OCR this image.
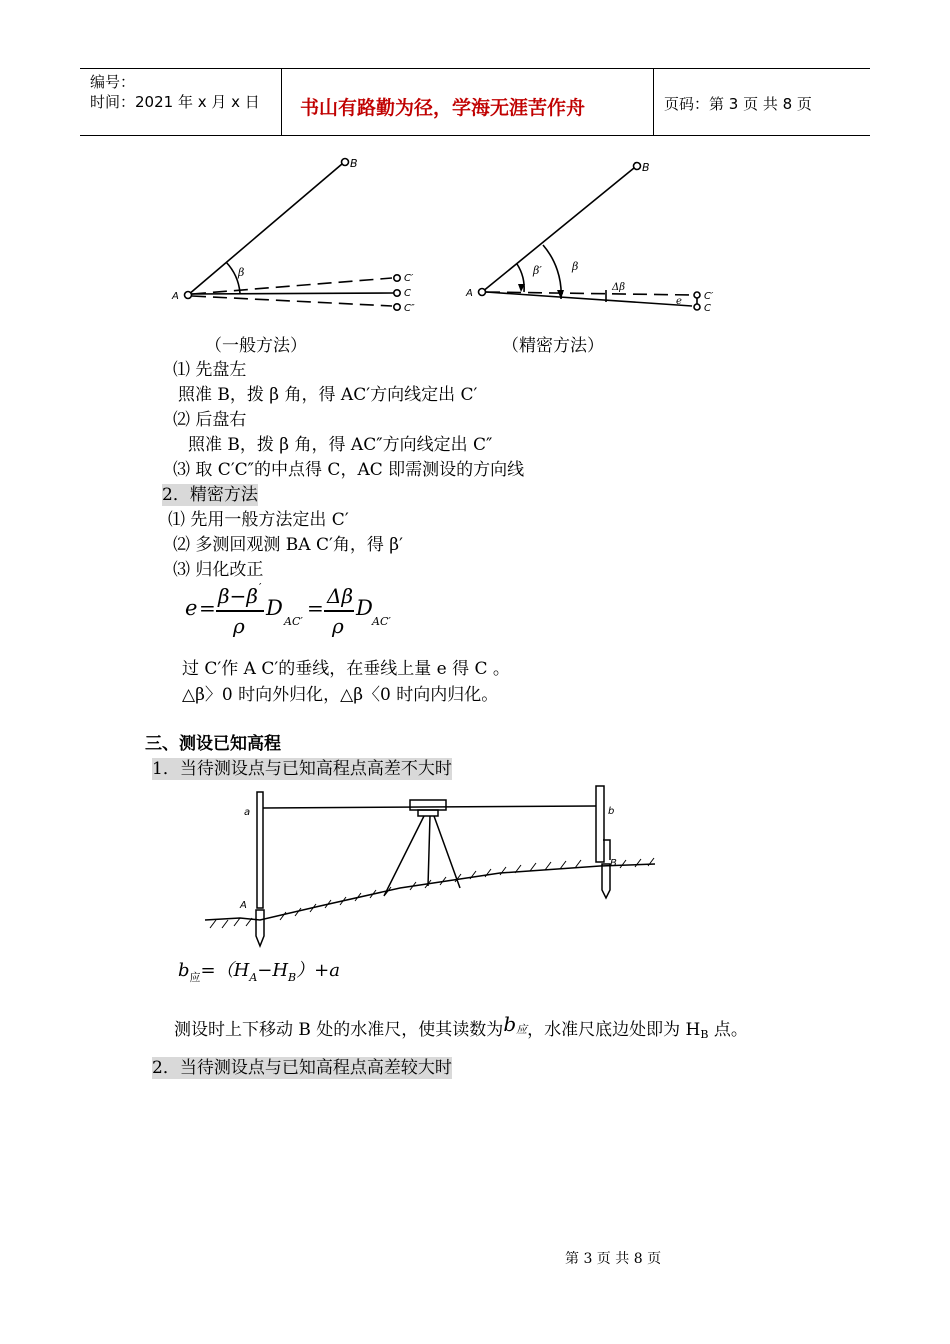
编号：
时间：2021 年 x 月 x 日 书山有路勤为径，学海无涯苦作舟	页码：第 3 页 共 8 页
B
A
β	C′
C
C″
B
A
β′	β
Δβ
e C′
C
（一般方法）	（精密方法）
⑴ 先盘左
照准 B，拨 β 角，得 AC′方向线定出 C′
⑵ 后盘右
照准 B，拨 β 角，得 AC″方向线定出 C″
⑶ 取 C′C″的中点得 C，AC 即需测设的方向线
2．精密方法
⑴ 先用一般方法定出 C′
⑵ 多测回观测 BA C′角，得 β′
⑶ 归化改正
e = β−β ′
ρ
D
AC′
= Δβ
ρ
D
AC′
过 C′作 A C′的垂线，在垂线上量 e 得 C 。
△β〉0 时向外归化，△β〈0 时向内归化。
三、测设已知高程
1．当待测设点与已知高程点高差不大时
a	b
A
B
$b_应=(H_A-H_B)+a$
测设时上下移动 B 处的水准尺，使其读数为b应，水准尺底边处即为 HB 点。
2．当待测设点与已知高程点高差较大时
第 3 页 共 8 页
